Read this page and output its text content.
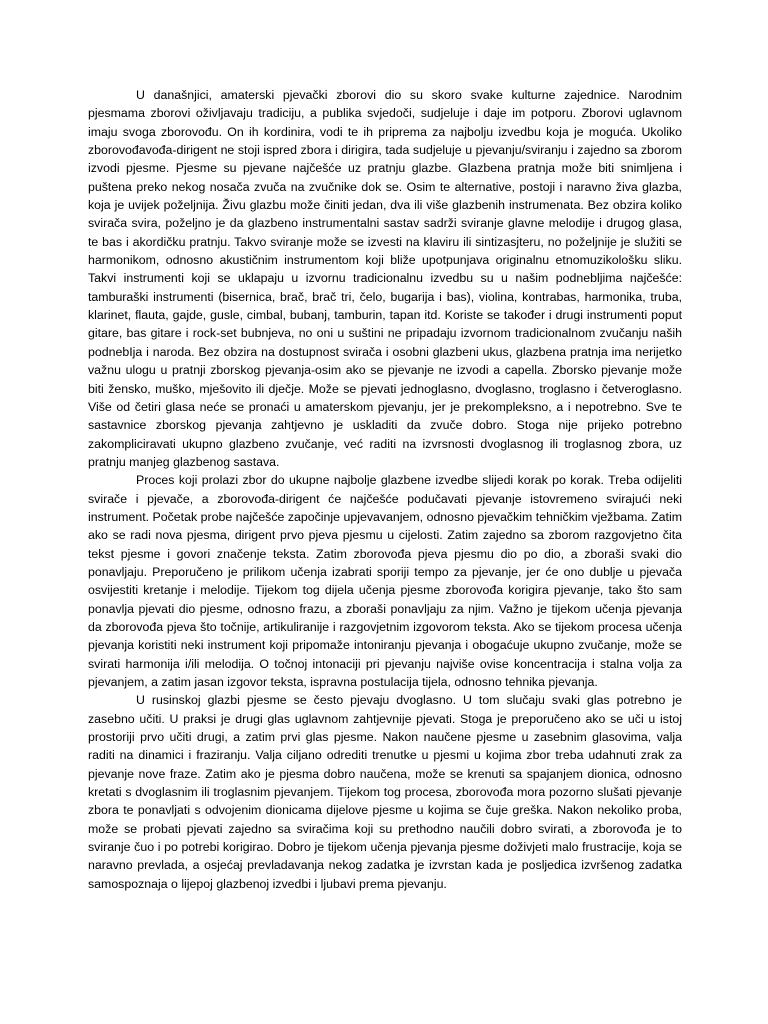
U današnjici, amaterski pjevački zborovi dio su skoro svake kulturne zajednice. Narodnim pjesmama zborovi oživljavaju tradiciju, a publika svjedoči, sudjeluje i daje im potporu. Zborovi uglavnom imaju svoga zborovođu. On ih kordinira, vodi te ih priprema za najbolju izvedbu koja je moguća. Ukoliko zborovođavođa-dirigent ne stoji ispred zbora i dirigira, tada sudjeluje u pjevanju/sviranju i zajedno sa zborom izvodi pjesme. Pjesme su pjevane najčešće uz pratnju glazbe. Glazbena pratnja može biti snimljena i puštena preko nekog nosača zvuča na zvučnike dok se. Osim te alternative, postoji i naravno živa glazba, koja je uvijek poželjnija. Živu glazbu može činiti jedan, dva ili više glazbenih instrumenata. Bez obzira koliko svirača svira, poželjno je da glazbeno instrumentalni sastav sadrži sviranje glavne melodije i drugog glasa, te bas i akordičku pratnju. Takvo sviranje može se izvesti na klaviru ili sintizasjteru, no poželjnije je služiti se harmonikom, odnosno akustičnim instrumentom koji bliže upotpunjava originalnu etnomuzikološku sliku. Takvi instrumenti koji se uklapaju u izvornu tradicionalnu izvedbu su u našim podnebljima najčešće: tamburaški instrumenti (bisernica, brač, brač tri, čelo, bugarija i bas), violina, kontrabas, harmonika, truba, klarinet, flauta, gajde, gusle, cimbal, bubanj, tamburin, tapan itd. Koriste se također i drugi instrumenti poput gitare, bas gitare i rock-set bubnjeva, no oni u suštini ne pripadaju izvornom tradicionalnom zvučanju naših podnebIja i naroda. Bez obzira na dostupnost svirača i osobni glazbeni ukus, glazbena pratnja ima nerijetko važnu ulogu u pratnji zborskog pjevanja-osim ako se pjevanje ne izvodi a capella. Zborsko pjevanje može biti žensko, muško, mješovito ili dječje. Može se pjevati jednoglasno, dvoglasno, troglasno i četveroglasno. Više od četiri glasa neće se pronaći u amaterskom pjevanju, jer je prekompleksno, a i nepotrebno. Sve te sastavnice zborskog pjevanja zahtjevno je uskladiti da zvuče dobro. Stoga nije prijeko potrebno zakomplicirаvati ukupno glazbeno zvučanje, već raditi na izvrsnosti dvoglasnog ili troglasnog zbora, uz pratnju manjeg glazbenog sastava.

Proces koji prolazi zbor do ukupne najbolje glazbene izvedbe slijedi korak po korak. Treba odijeliti svirače i pjevače, a zborovođa-dirigent će najčešće podučavati pjevanje istovremeno svirajući neki instrument. Početak probe najčešće započinje upjevavanjem, odnosno pjevačkim tehničkim vježbama. Zatim ako se radi nova pjesma, dirigent prvo pjeva pjesmu u cijelosti. Zatim zajedno sa zborom razgovjetno čita tekst pjesme i govori značenje teksta. Zatim zborovođa pjeva pjesmu dio po dio, a zboraši svaki dio ponavljaju. Preporučeno je prilikom učenja izabrati sporiji tempo za pjevanje, jer će ono dublje u pjevača osvijestiti kretanje i melodije. Tijekom tog dijela učenja pjesme zborovođa korigira pjevanje, tako što sam ponavlja pjevati dio pjesme, odnosno frazu, a zboraši ponavljaju za njim. Važno je tijekom učenja pjevanja da zborovođa pjeva što točnije, artikulirаnije i razgovjetnim izgovorom teksta. Ako se tijekom procesa učenja pjevanja koristiti neki instrument koji pripomaže intoniranju pjevanja i obogaćuje ukupno zvučanje, može se svirati harmonija i/ili melodija. O točnoj intonaciji pri pjevanju najviše ovise koncentracija i stalna volja za pjevanjem, a zatim jasan izgovor teksta, ispravna postulacija tijela, odnosno tehnika pjevanja.

U rusinskoj glazbi pjesme se često pjevaju dvoglasno. U tom slučaju svaki glas potrebno je zasebno učiti. U praksi je drugi glas uglavnom zahtjevnije pjevati. Stoga je preporučeno ako se uči u istoj prostoriji prvo učiti drugi, a zatim prvi glas pjesme. Nakon naučene pjesme u zasebnim glasovima, valja raditi na dinamici i fraziranju. Valja ciljano odrediti trenutke u pjesmi u kojima zbor treba udahnuti zrak za pjevanje nove fraze. Zatim ako je pjesma dobro naučena, može se krenuti sa spajanjem dionica, odnosno kretati s dvoglasnim ili troglasnim pjevanjem. Tijekom tog procesa, zborovođa mora pozorno slušati pjevanje zbora te ponavljati s odvojenim dionicama dijelove pjesme u kojima se čuje greška. Nakon nekoliko proba, može se probati pjevati zajedno sa sviračima koji su prethodno naučili dobro svirati, a zborovođa je to sviranje čuo i po potrebi korigirao. Dobro je tijekom učenja pjevanja pjesme doživjeti malo frustracije, koja se naravno prevlada, a osjećaj prevladavanja nekog zadatka je izvrstan kada je posljedica izvršenog zadatka samospoznaja o lijepoj glazbenoj izvedbi i ljubavi prema pjevanju.
